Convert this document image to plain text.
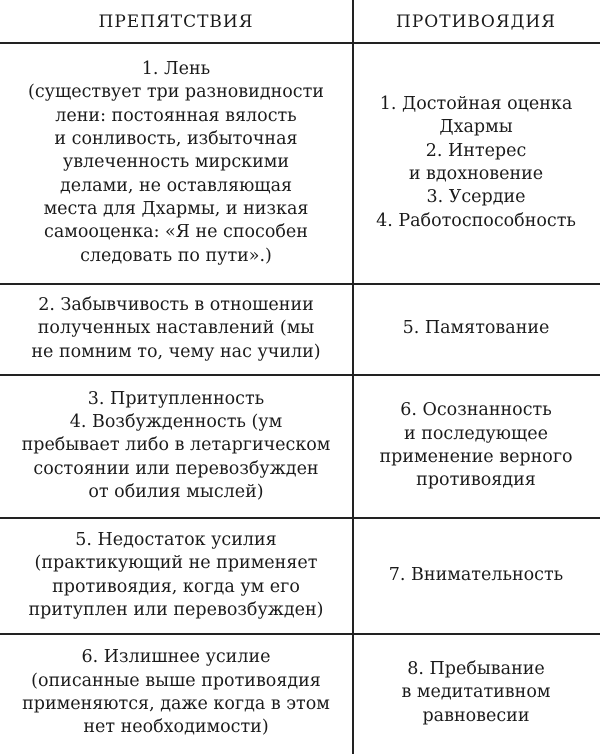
ПРЕПЯТСТВИЯ	ПРОТИВОЯДИЯ
1. Лень
(существует три разновидности
лени: постоянная вялость
и сонливость, избыточная
увлеченность мирскими
делами, не оставляющая
места для Дхармы, и низкая
самооценка: «Я не способен
следовать по пути».)
1. Достойная оценка
Дхармы
2. Интерес
и вдохновение
3. Усердие
4. Работоспособность
2. Забывчивость в отношении
полученных наставлений (мы
не помним то, чему нас учили)
5. Памятование
3. Притупленность
4. Возбужденность (ум
пребывает либо в летаргическом
состоянии или перевозбужден
от обилия мыслей)
6. Осознанность
и последующее
применение верного
противоядия
5. Недостаток усилия
(практикующий не применяет
противоядия, когда ум его
притуплен или перевозбужден)
7. Внимательность
6. Излишнее усилие
(описанные выше противоядия
применяются, даже когда в этом
нет необходимости)
8. Пребывание
в медитативном
равновесии
